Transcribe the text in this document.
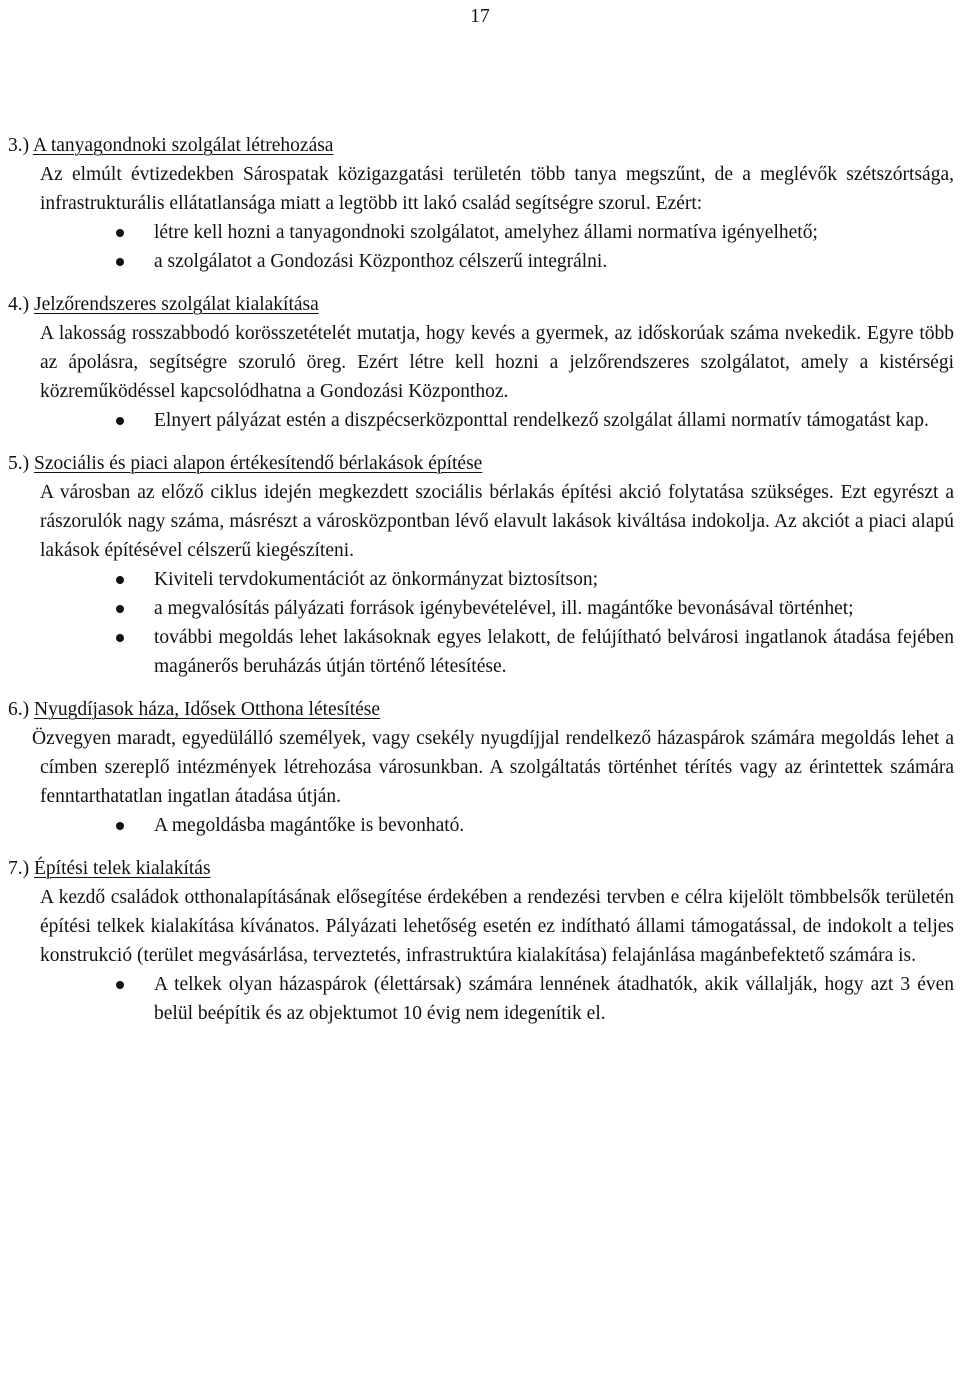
17
3.) A tanyagondnoki szolgálat létrehozása

Az elmúlt évtizedekben Sárospatak közigazgatási területén több tanya megszűnt, de a meglévők szétszórtsága, infrastrukturális ellátatlansága miatt a legtöbb itt lakó család segítségre szorul. Ezért:

létre kell hozni a tanyagondnoki szolgálatot, amelyhez állami normatíva igényelhető;
a szolgálatot a Gondozási Központhoz célszerű integrálni.
4.) Jelzőrendszeres szolgálat kialakítása

A lakosság rosszabbodó korösszetételét mutatja, hogy kevés a gyermek, az időskorúak száma nvekedik. Egyre több az ápolásra, segítségre szoruló öreg. Ezért létre kell hozni a jelzőrendszeres szolgálatot, amely a kistérségi közreműködéssel kapcsolódhatna a Gondozási Központhoz.

Elnyert pályázat estén a diszpécserközponttal rendelkező szolgálat állami normatív támogatást kap.
5.) Szociális és piaci alapon értékesítendő bérlakások építése

A városban az előző ciklus idején megkezdett szociális bérlakás építési akció folytatása szükséges. Ezt egyrészt a rászorulók nagy száma, másrészt a városközpontban lévő elavult lakások kiváltása indokolja. Az akciót a piaci alapú lakások építésével célszerű kiegészíteni.

Kiviteli tervdokumentációt az önkormányzat biztosítson;
a megvalósítás pályázati források igénybevételével, ill. magántőke bevonásával történhet;
további megoldás lehet lakásoknak egyes lelakott, de felújítható belvárosi ingatlanok átadása fejében magánerős beruházás útján történő létesítése.
6.) Nyugdíjasok háza, Idősek Otthona létesítése

Özvegyen maradt, egyedülálló személyek, vagy csekély nyugdíjjal rendelkező házaspárok számára megoldás lehet a címben szereplő intézmények létrehozása városunkban. A szolgáltatás történhet térítés vagy az érintettek számára fenntarthatatlan ingatlan átadása útján.

A megoldásba magántőke is bevonható.
7.) Építési telek kialakítás

A kezdő családok otthonalapításának elősegítése érdekében a rendezési tervben e célra kijelölt tömbbelsők területén építési telkek kialakítása kívánatos. Pályázati lehetőség esetén ez indítható állami támogatással, de indokolt a teljes konstrukció (terület megvásárlása, terveztetés, infrastruktúra kialakítása) felajánlása magánbefektető számára is.

A telkek olyan házaspárok (élettársak) számára lennének átadhatók, akik vállalják, hogy azt 3 éven belül beépítik és az objektumot 10 évig nem idegenítik el.
